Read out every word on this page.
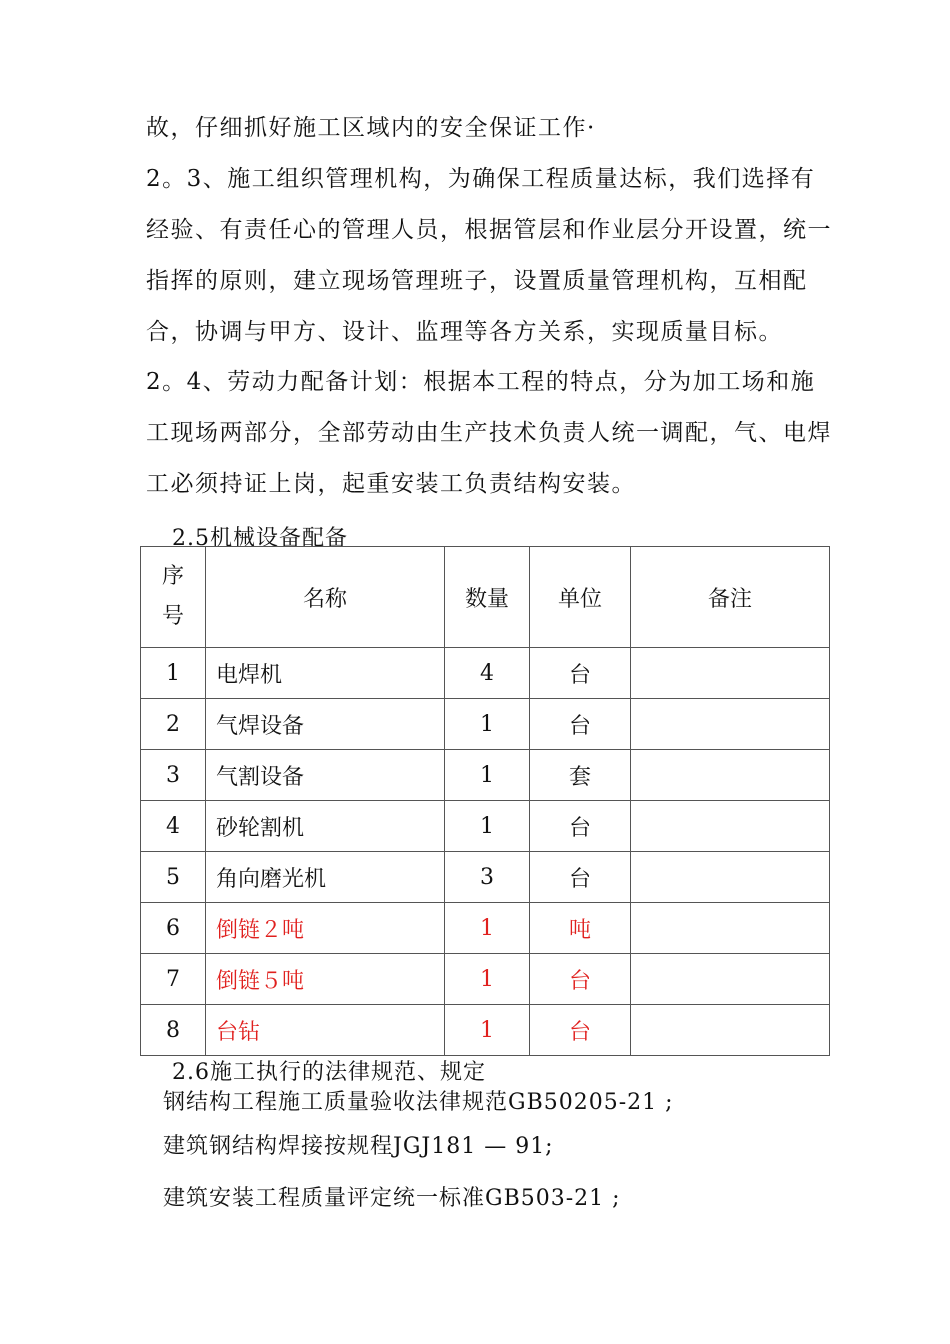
故，仔细抓好施工区域内的安全保证工作·
2。3、施工组织管理机构，为确保工程质量达标，我们选择有
经验、有责任心的管理人员，根据管层和作业层分开设置，统一
指挥的原则，建立现场管理班子，设置质量管理机构，互相配
合，协调与甲方、设计、监理等各方关系，实现质量目标。
2。4、劳动力配备计划：根据本工程的特点，分为加工场和施
工现场两部分，全部劳动由生产技术负责人统一调配，气、电焊
工必须持证上岗，起重安装工负责结构安装。
2.5机械设备配备
序
号	名称	数量	单位	备注
1	电焊机	4	台	
2	气焊设备	1	台	
3	气割设备	1	套	
4	砂轮割机	1	台	
5	角向磨光机	3	台	
6	倒链２吨	1	吨	
7	倒链５吨	1	台	
8	台钻	1	台	
2.6施工执行的法律规范、规定
钢结构工程施工质量验收法律规范GB50205-21 ;
建筑钢结构焊接按规程JGJ181 — 91;
建筑安装工程质量评定统一标准GB503-21 ;
